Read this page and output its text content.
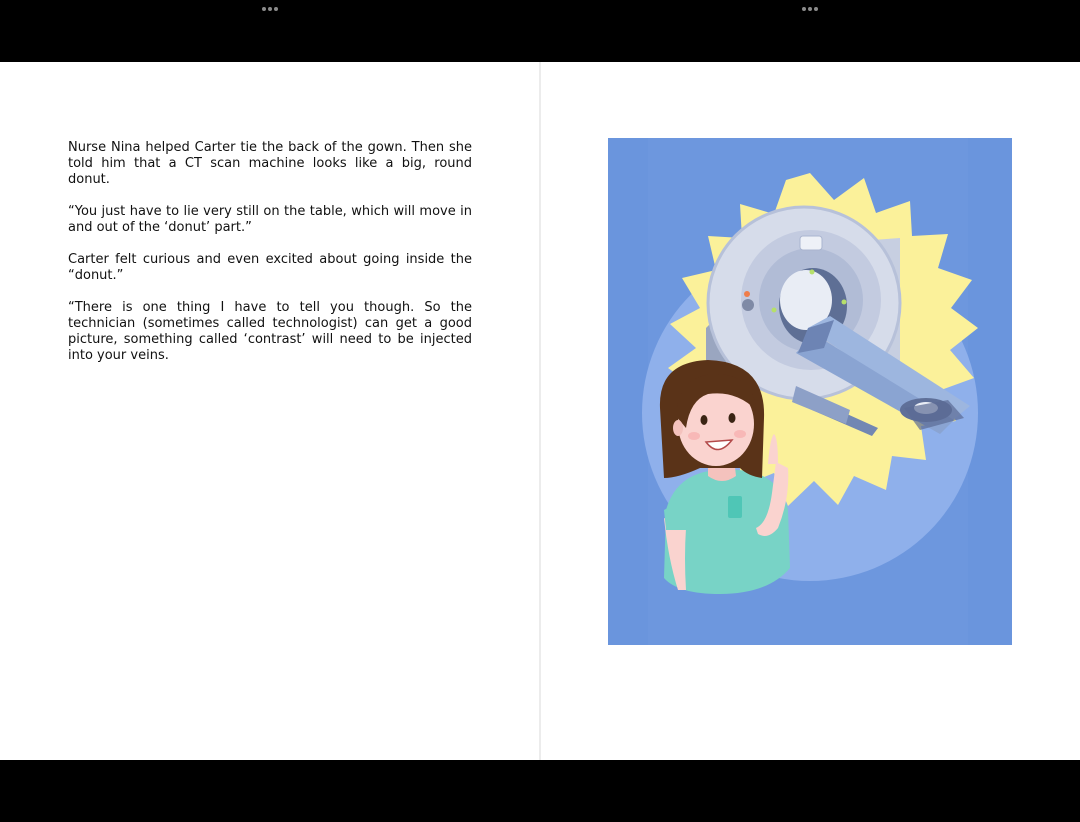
Nurse Nina helped Carter tie the back of the gown. Then she told him that a CT scan machine looks like a big, round donut.

“You just have to lie very still on the table, which will move in and out of the ‘donut’ part.”

Carter felt curious and even excited about going inside the “donut.”

“There is one thing I have to tell you though. So the technician (sometimes called technologist) can get a good picture, something called ‘contrast’ will need to be injected into your veins.
